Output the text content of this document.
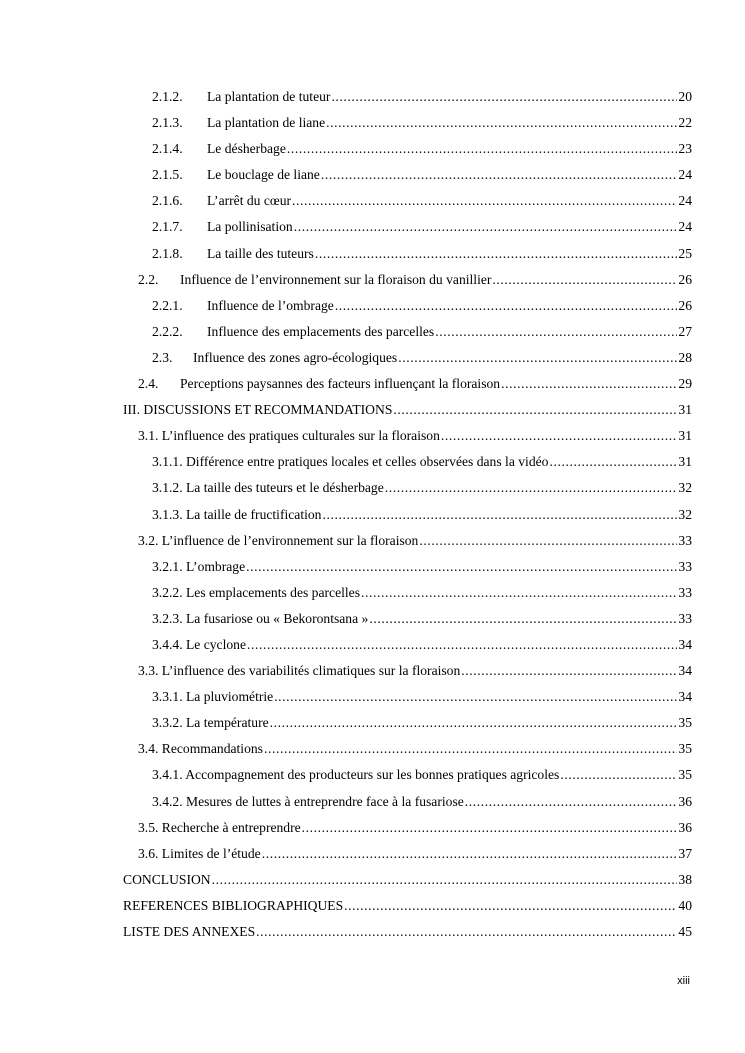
2.1.2.	La plantation de tuteur .....	20
2.1.3.	La plantation de liane .....	22
2.1.4.	Le désherbage .....	23
2.1.5.	Le bouclage de liane .....	24
2.1.6.	L’arrêt du cœur .....	24
2.1.7.	La pollinisation .....	24
2.1.8.	La taille des tuteurs .....	25
2.2.	Influence de l’environnement sur la floraison du vanillier .....	26
2.2.1.	Influence de l’ombrage .....	26
2.2.2.	Influence des emplacements des parcelles .....	27
2.3.	Influence des zones agro-écologiques .....	28
2.4.	Perceptions paysannes des facteurs influençant la floraison .....	29
III. DISCUSSIONS ET RECOMMANDATIONS .....	31
3.1. L’influence des pratiques culturales sur la floraison .....	31
3.1.1. Différence entre pratiques locales et celles observées dans la vidéo .....	31
3.1.2. La taille des tuteurs et le désherbage .....	32
3.1.3. La taille de fructification .....	32
3.2. L’influence de l’environnement sur la floraison .....	33
3.2.1. L’ombrage .....	33
3.2.2. Les emplacements des parcelles .....	33
3.2.3. La fusariose ou « Bekorontsana » .....	33
3.4.4. Le cyclone .....	34
3.3. L’influence des variabilités climatiques sur la floraison .....	34
3.3.1. La pluviométrie .....	34
3.3.2. La température .....	35
3.4. Recommandations .....	35
3.4.1. Accompagnement des producteurs sur les bonnes pratiques agricoles .....	35
3.4.2. Mesures de luttes à entreprendre face à la fusariose .....	36
3.5. Recherche à entreprendre .....	36
3.6. Limites de l’étude .....	37
CONCLUSION .....	38
REFERENCES BIBLIOGRAPHIQUES .....	40
LISTE DES ANNEXES .....	45
xiii
